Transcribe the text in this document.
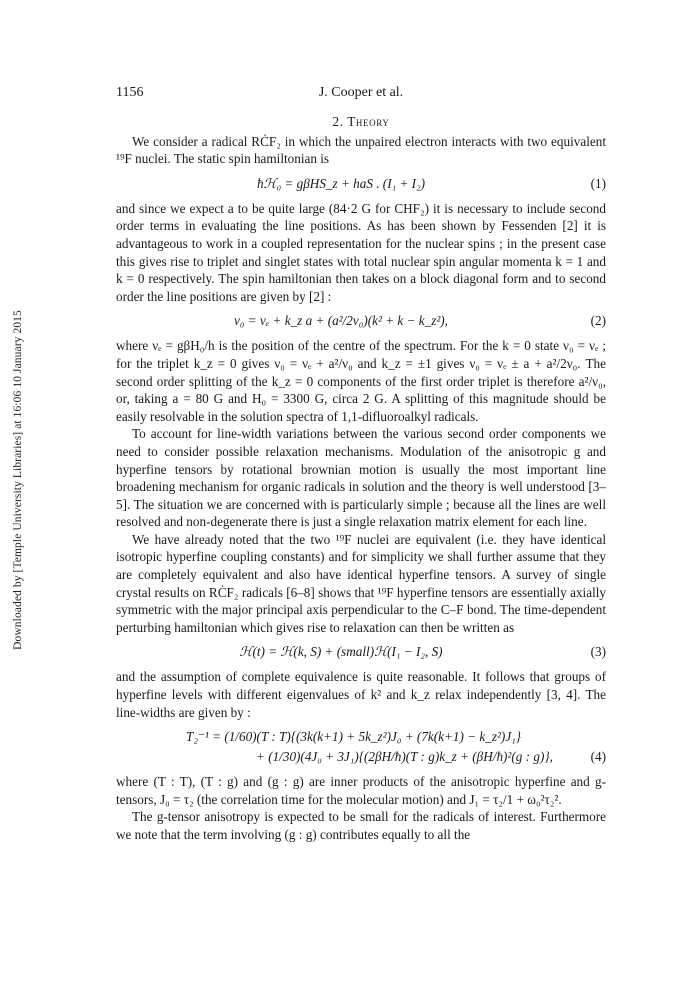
Downloaded by [Temple University Libraries] at 16:06 10 January 2015
1156	J. Cooper et al.
2. Theory

We consider a radical RĊF₂ in which the unpaired electron interacts with two equivalent ¹⁹F nuclei. The static spin hamiltonian is

ħℋ₀ = gβHS_z + haS . (I₁ + I₂)	(1)

and since we expect a to be quite large (84·2 G for CHF₂) it is necessary to include second order terms in evaluating the line positions. As has been shown by Fessenden [2] it is advantageous to work in a coupled representation for the nuclear spins ; in the present case this gives rise to triplet and singlet states with total nuclear spin angular momenta k = 1 and k = 0 respectively. The spin hamiltonian then takes on a block diagonal form and to second order the line positions are given by [2] :

ν₀ = νₑ + k_z a + (a²/2ν₀)(k² + k − k_z²),	(2)

where νₑ = gβH₀/h is the position of the centre of the spectrum. For the k = 0 state ν₀ = νₑ ; for the triplet k_z = 0 gives ν₀ = νₑ + a²/ν₀ and k_z = ±1 gives ν₀ = νₑ ± a + a²/2ν₀. The second order splitting of the k_z = 0 components of the first order triplet is therefore a²/ν₀, or, taking a = 80 G and H₀ = 3300 G, circa 2 G. A splitting of this magnitude should be easily resolvable in the solution spectra of 1,1-difluoroalkyl radicals.

To account for line-width variations between the various second order components we need to consider possible relaxation mechanisms. Modulation of the anisotropic g and hyperfine tensors by rotational brownian motion is usually the most important line broadening mechanism for organic radicals in solution and the theory is well understood [3–5]. The situation we are concerned with is particularly simple ; because all the lines are well resolved and non-degenerate there is just a single relaxation matrix element for each line.

We have already noted that the two ¹⁹F nuclei are equivalent (i.e. they have identical isotropic hyperfine coupling constants) and for simplicity we shall further assume that they are completely equivalent and also have identical hyperfine tensors. A survey of single crystal results on RĊF₂ radicals [6–8] shows that ¹⁹F hyperfine tensors are essentially axially symmetric with the major principal axis perpendicular to the C–F bond. The time-dependent perturbing hamiltonian which gives rise to relaxation can then be written as

ℋ(t) = ℋ(k, S) + (small)ℋ(I₁ − I₂, S)	(3)

and the assumption of complete equivalence is quite reasonable. It follows that groups of hyperfine levels with different eigenvalues of k² and k_z relax independently [3, 4]. The line-widths are given by :

T₂⁻¹ = (1/60)(T : T){(3k(k+1) + 5k_z²)J₀ + (7k(k+1) − k_z²)J₁}
+ (1/30)(4J₀ + 3J₁){(2βH/ħ)(T : g)k_z + (βH/ħ)²(g : g)},	(4)

where (T : T), (T : g) and (g : g) are inner products of the anisotropic hyperfine and g-tensors, J₀ = τ₂ (the correlation time for the molecular motion) and J₁ = τ₂/1 + ω₀²τ₂².

The g-tensor anisotropy is expected to be small for the radicals of interest. Furthermore we note that the term involving (g : g) contributes equally to all the
